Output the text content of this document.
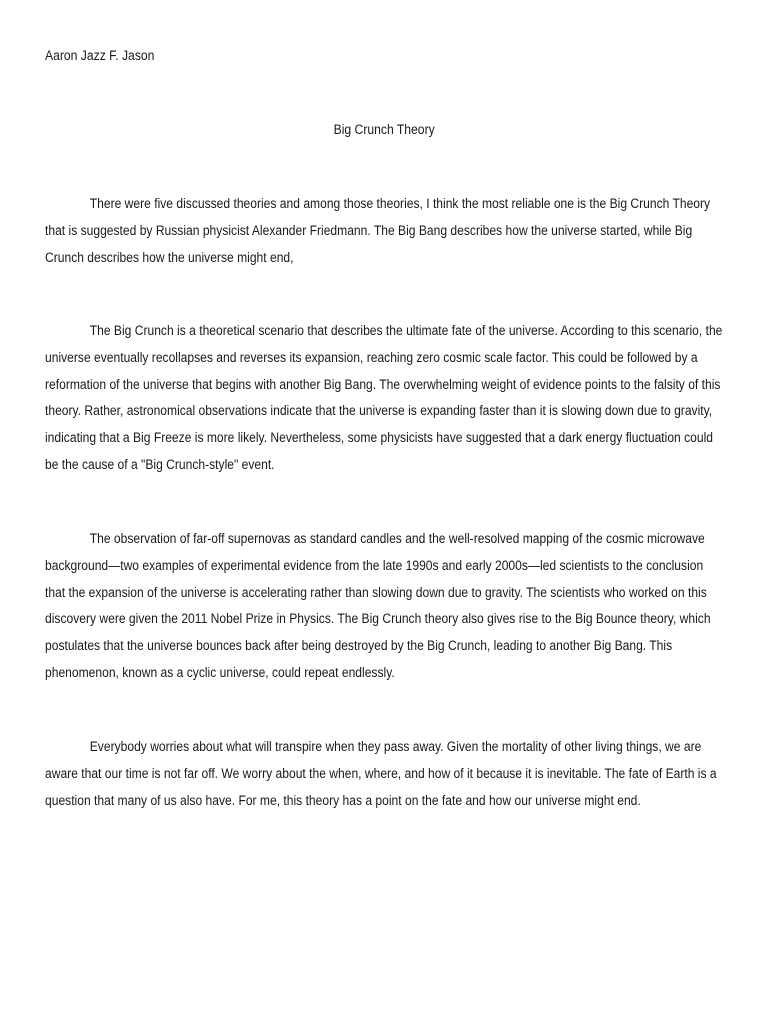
Aaron Jazz F. Jason
Big Crunch Theory

There were five discussed theories and among those theories, I think the most reliable one is the Big Crunch Theory that is suggested by Russian physicist Alexander Friedmann. The Big Bang describes how the universe started, while Big Crunch describes how the universe might end,

The Big Crunch is a theoretical scenario that describes the ultimate fate of the universe. According to this scenario, the universe eventually recollapses and reverses its expansion, reaching zero cosmic scale factor. This could be followed by a reformation of the universe that begins with another Big Bang. The overwhelming weight of evidence points to the falsity of this theory. Rather, astronomical observations indicate that the universe is expanding faster than it is slowing down due to gravity, indicating that a Big Freeze is more likely. Nevertheless, some physicists have suggested that a dark energy fluctuation could be the cause of a "Big Crunch-style" event.

The observation of far-off supernovas as standard candles and the well-resolved mapping of the cosmic microwave background—two examples of experimental evidence from the late 1990s and early 2000s—led scientists to the conclusion that the expansion of the universe is accelerating rather than slowing down due to gravity. The scientists who worked on this discovery were given the 2011 Nobel Prize in Physics. The Big Crunch theory also gives rise to the Big Bounce theory, which postulates that the universe bounces back after being destroyed by the Big Crunch, leading to another Big Bang. This phenomenon, known as a cyclic universe, could repeat endlessly.

Everybody worries about what will transpire when they pass away. Given the mortality of other living things, we are aware that our time is not far off. We worry about the when, where, and how of it because it is inevitable. The fate of Earth is a question that many of us also have. For me, this theory has a point on the fate and how our universe might end.
